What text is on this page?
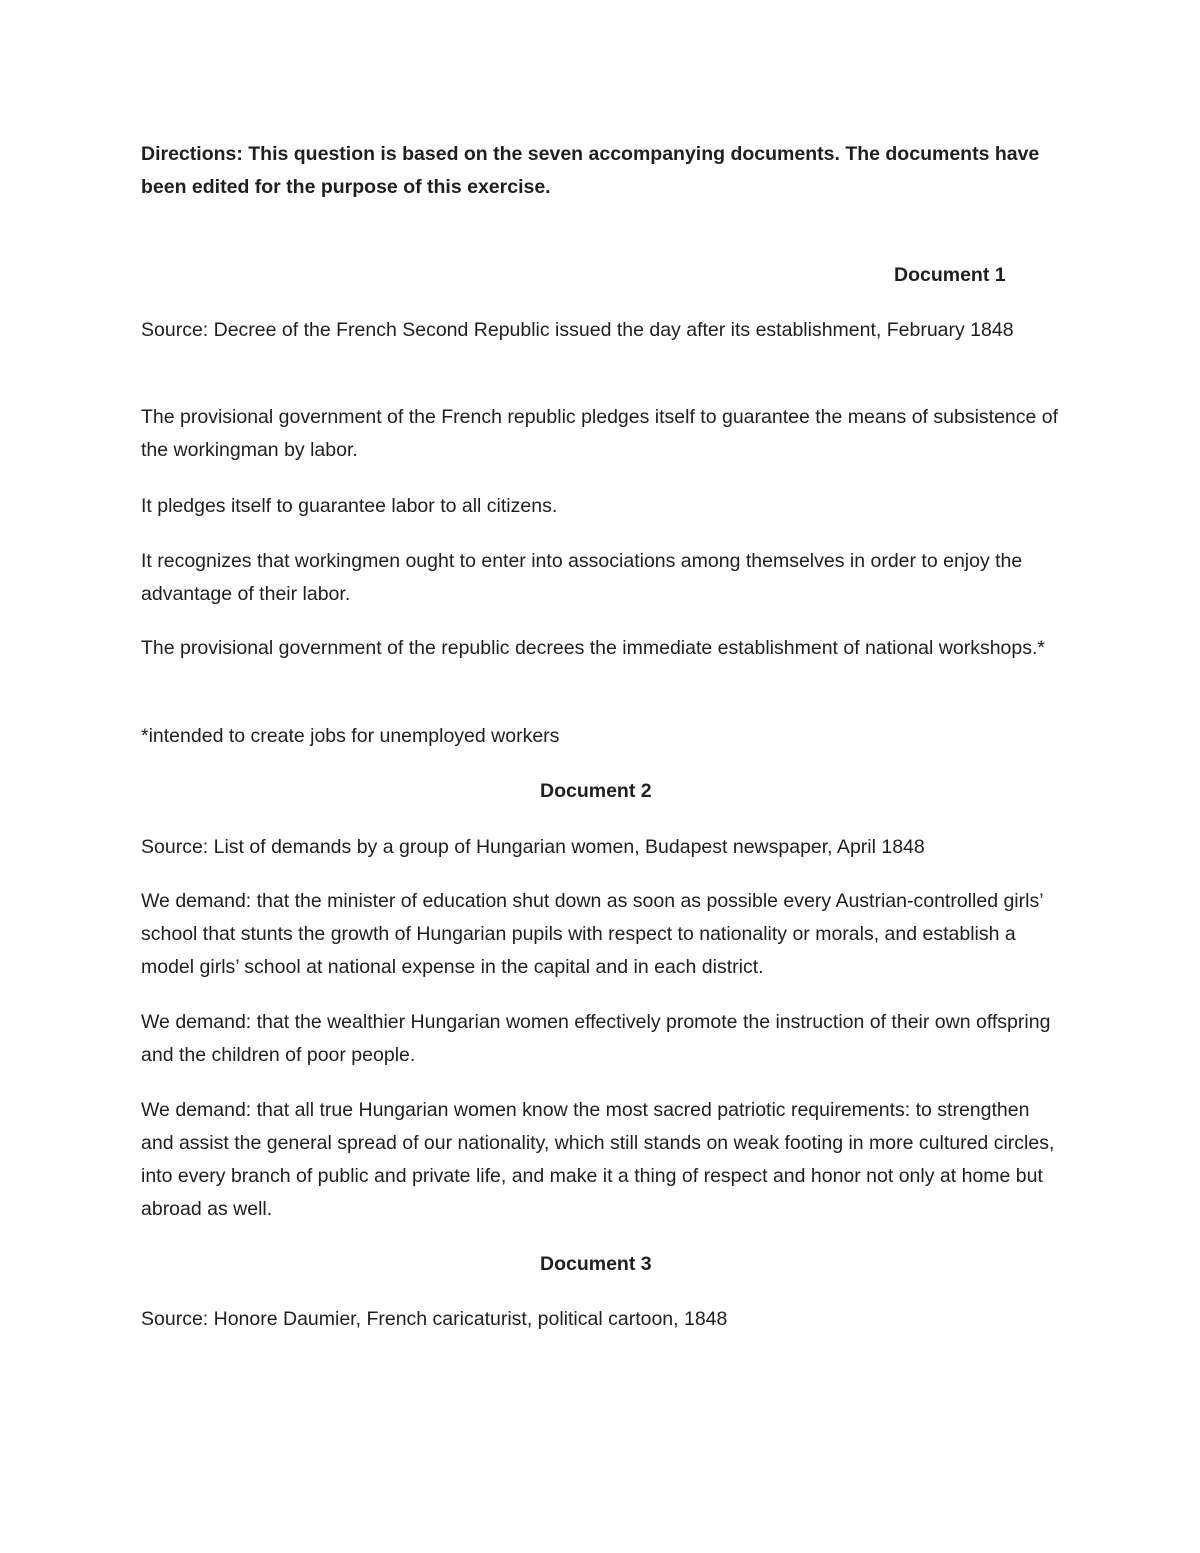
Directions: This question is based on the seven accompanying documents. The documents have been edited for the purpose of this exercise.

Document 1

Source: Decree of the French Second Republic issued the day after its establishment, February 1848

The provisional government of the French republic pledges itself to guarantee the means of subsistence of the workingman by labor.

It pledges itself to guarantee labor to all citizens.

It recognizes that workingmen ought to enter into associations among themselves in order to enjoy the advantage of their labor.

The provisional government of the republic decrees the immediate establishment of national workshops.*

*intended to create jobs for unemployed workers

Document 2

Source: List of demands by a group of Hungarian women, Budapest newspaper, April 1848

We demand: that the minister of education shut down as soon as possible every Austrian-controlled girls’ school that stunts the growth of Hungarian pupils with respect to nationality or morals, and establish a model girls’ school at national expense in the capital and in each district.

We demand: that the wealthier Hungarian women effectively promote the instruction of their own offspring and the children of poor people.

We demand: that all true Hungarian women know the most sacred patriotic requirements: to strengthen and assist the general spread of our nationality, which still stands on weak footing in more cultured circles, into every branch of public and private life, and make it a thing of respect and honor not only at home but abroad as well.

Document 3

Source: Honore Daumier, French caricaturist, political cartoon, 1848
